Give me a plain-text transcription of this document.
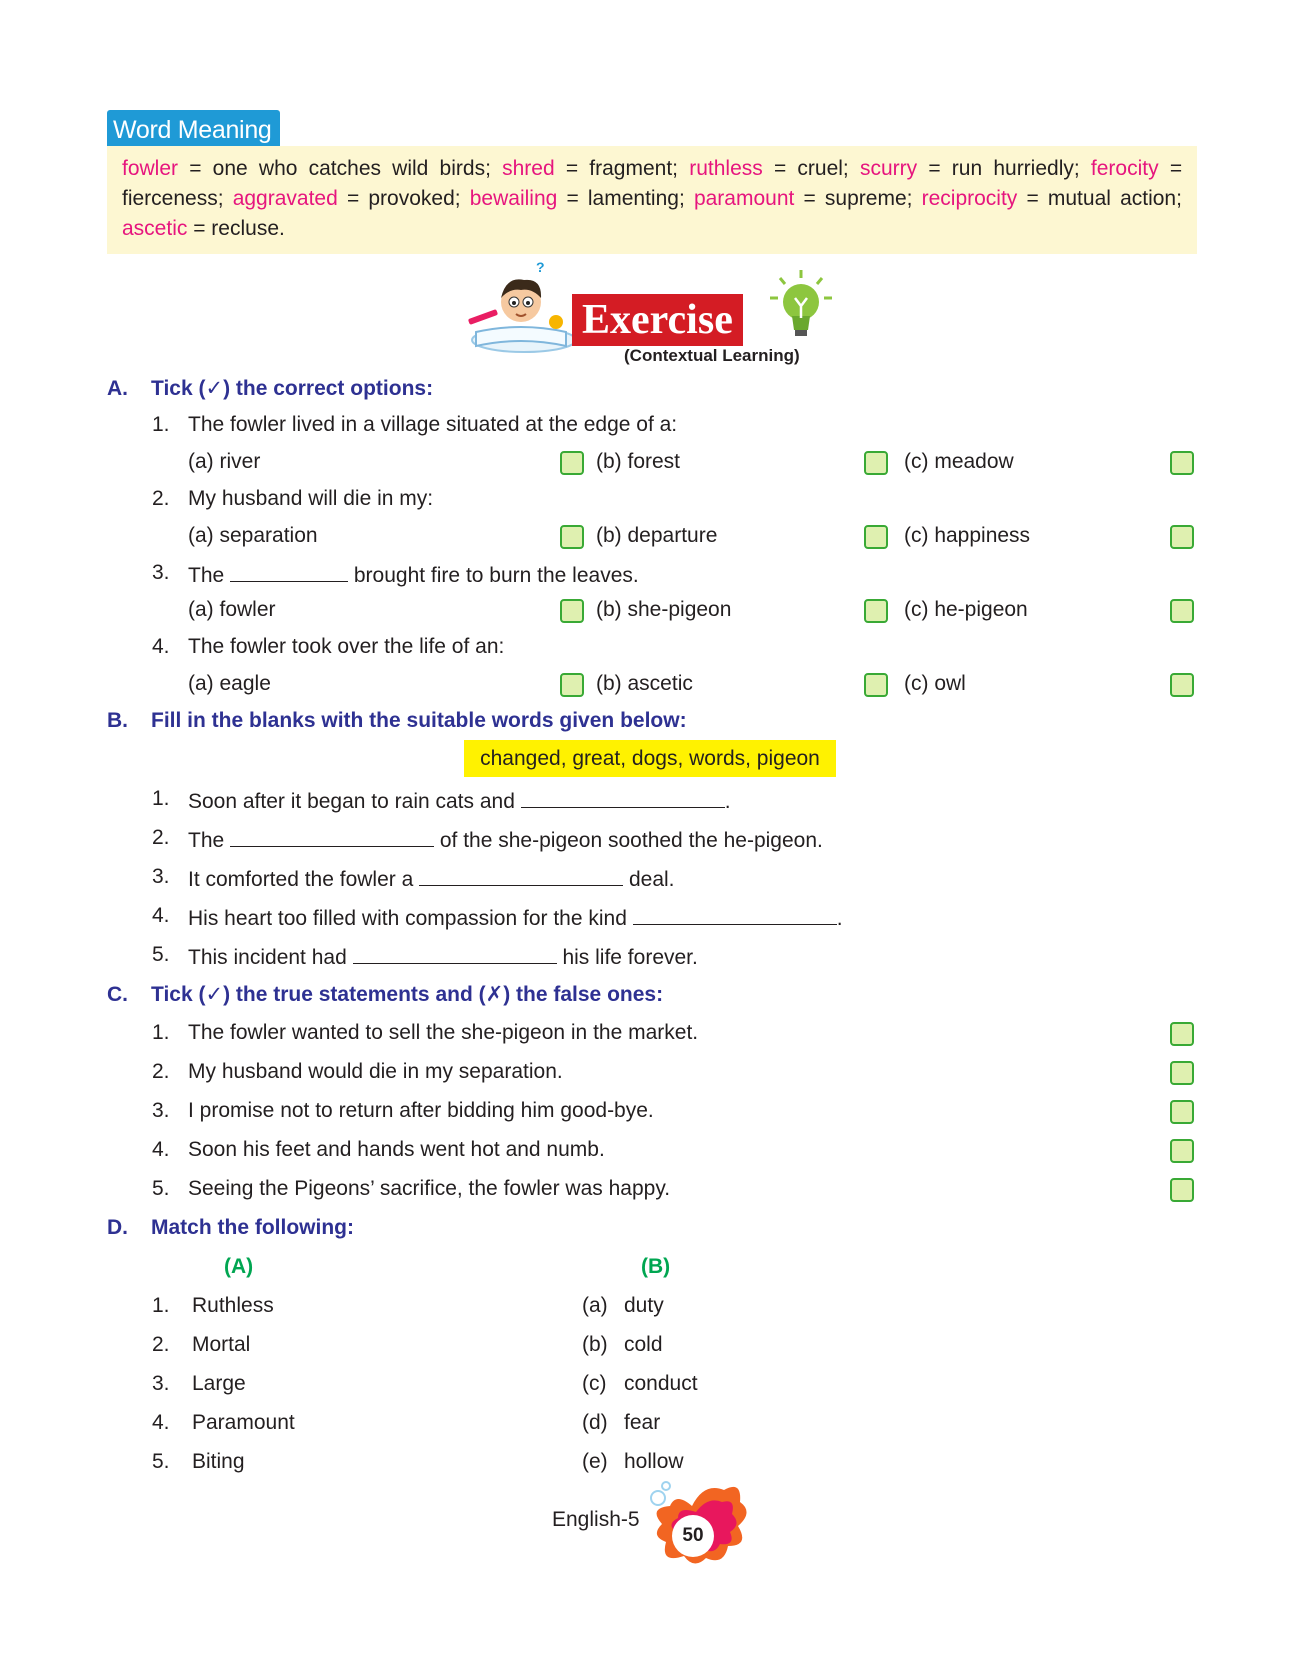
Word Meaning
fowler = one who catches wild birds; shred = fragment; ruthless = cruel; scurry = run hurriedly; ferocity = fierceness; aggravated = provoked; bewailing = lamenting; paramount = supreme; reciprocity = mutual action; ascetic = recluse.
?
Exercise
(Contextual Learning)
A. Tick (✓) the correct options:
1. The fowler lived in a village situated at the edge of a:
(a) river	(b) forest	(c) meadow
2. My husband will die in my:
(a) separation	(b) departure	(c) happiness
3. The	brought fire to burn the leaves.
(a) fowler	(b) she-pigeon	(c) he-pigeon
4. The fowler took over the life of an:
(a) eagle	(b) ascetic	(c) owl
B. Fill in the blanks with the suitable words given below:
changed, great, dogs, words, pigeon
1. Soon after it began to rain cats and	.
2. The	of the she-pigeon soothed the he-pigeon.
3. It comforted the fowler a	deal.
4. His heart too filled with compassion for the kind	.
5. This incident had	his life forever.
C. Tick (✓) the true statements and (✗) the false ones:
1. The fowler wanted to sell the she-pigeon in the market.
2. My husband would die in my separation.
3. I promise not to return after bidding him good-bye.
4. Soon his feet and hands went hot and numb.
5. Seeing the Pigeons’ sacrifice, the fowler was happy.
D. Match the following:
(A)	(B)
1. Ruthless	(a) duty
2. Mortal	(b) cold
3. Large	(c) conduct
4. Paramount	(d) fear
5. Biting	(e) hollow
English-5
50
